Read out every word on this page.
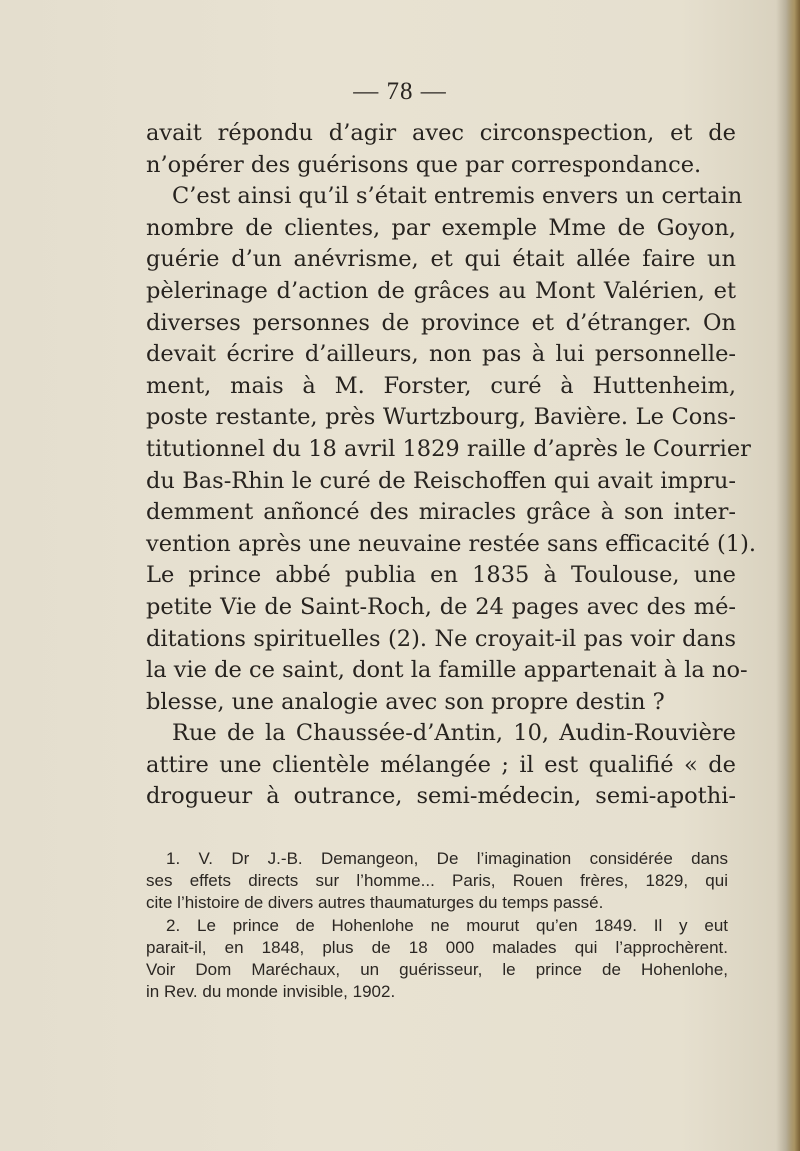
— 78 —
avait répondu d’agir avec circonspection, et de
n’opérer des guérisons que par correspondance.
C’est ainsi qu’il s’était entremis envers un certain
nombre de clientes, par exemple Mme de Goyon,
guérie d’un anévrisme, et qui était allée faire un
pèlerinage d’action de grâces au Mont Valérien, et
diverses personnes de province et d’étranger. On
devait écrire d’ailleurs, non pas à lui personnelle-
ment, mais à M. Forster, curé à Huttenheim,
poste restante, près Wurtzbourg, Bavière. Le Cons-
titutionnel du 18 avril 1829 raille d’après le Courrier
du Bas-Rhin le curé de Reischoffen qui avait impru-
demment anñoncé des miracles grâce à son inter-
vention après une neuvaine restée sans efficacité (1).
Le prince abbé publia en 1835 à Toulouse, une
petite Vie de Saint-Roch, de 24 pages avec des mé-
ditations spirituelles (2). Ne croyait-il pas voir dans
la vie de ce saint, dont la famille appartenait à la no-
blesse, une analogie avec son propre destin ?
Rue de la Chaussée-d’Antin, 10, Audin-Rouvière
attire une clientèle mélangée ; il est qualifié « de
drogueur à outrance, semi-médecin, semi-apothi-
1. V. Dr J.-B. Demangeon, De l’imagination considérée dans
ses effets directs sur l’homme... Paris, Rouen frères, 1829, qui
cite l’histoire de divers autres thaumaturges du temps passé.
2. Le prince de Hohenlohe ne mourut qu’en 1849. Il y eut
parait-il, en 1848, plus de 18 000 malades qui l’approchèrent.
Voir Dom Maréchaux, un guérisseur, le prince de Hohenlohe,
in Rev. du monde invisible, 1902.
